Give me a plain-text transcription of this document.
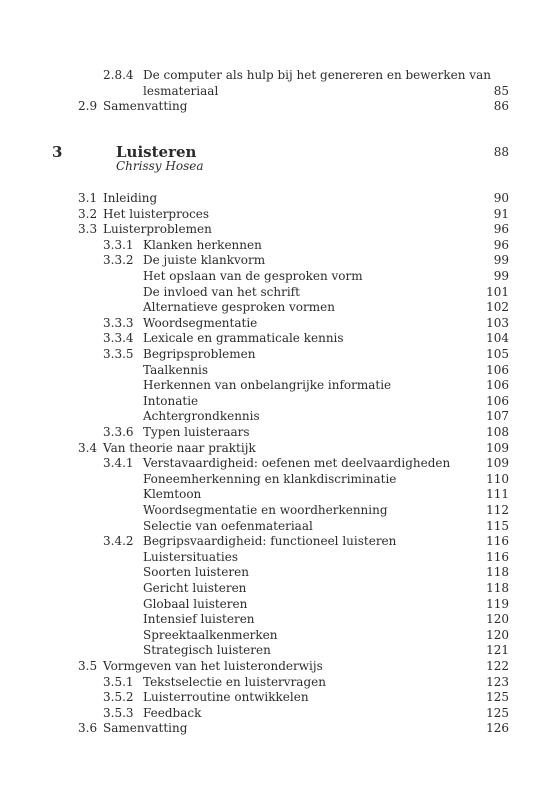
2.8.4 De computer als hulp bij het genereren en bewerken van
lesmateriaal	85
2.9 Samenvatting	86
3	Luisteren	88
Chrissy Hosea
3.1 Inleiding	90
3.2 Het luisterproces	91
3.3 Luisterproblemen	96
3.3.1 Klanken herkennen	96
3.3.2 De juiste klankvorm	99
Het opslaan van de gesproken vorm	99
De invloed van het schrift	101
Alternatieve gesproken vormen	102
3.3.3 Woordsegmentatie	103
3.3.4 Lexicale en grammaticale kennis	104
3.3.5 Begripsproblemen	105
Taalkennis	106
Herkennen van onbelangrijke informatie	106
Intonatie	106
Achtergrondkennis	107
3.3.6 Typen luisteraars	108
3.4 Van theorie naar praktijk	109
3.4.1 Verstavaardigheid: oefenen met deelvaardigheden	109
Foneemherkenning en klankdiscriminatie	110
Klemtoon	111
Woordsegmentatie en woordherkenning	112
Selectie van oefenmateriaal	115
3.4.2 Begripsvaardigheid: functioneel luisteren	116
Luistersituaties	116
Soorten luisteren	118
Gericht luisteren	118
Globaal luisteren	119
Intensief luisteren	120
Spreektaalkenmerken	120
Strategisch luisteren	121
3.5 Vormgeven van het luisteronderwijs	122
3.5.1 Tekstselectie en luistervragen	123
3.5.2 Luisterroutine ontwikkelen	125
3.5.3 Feedback	125
3.6 Samenvatting	126
